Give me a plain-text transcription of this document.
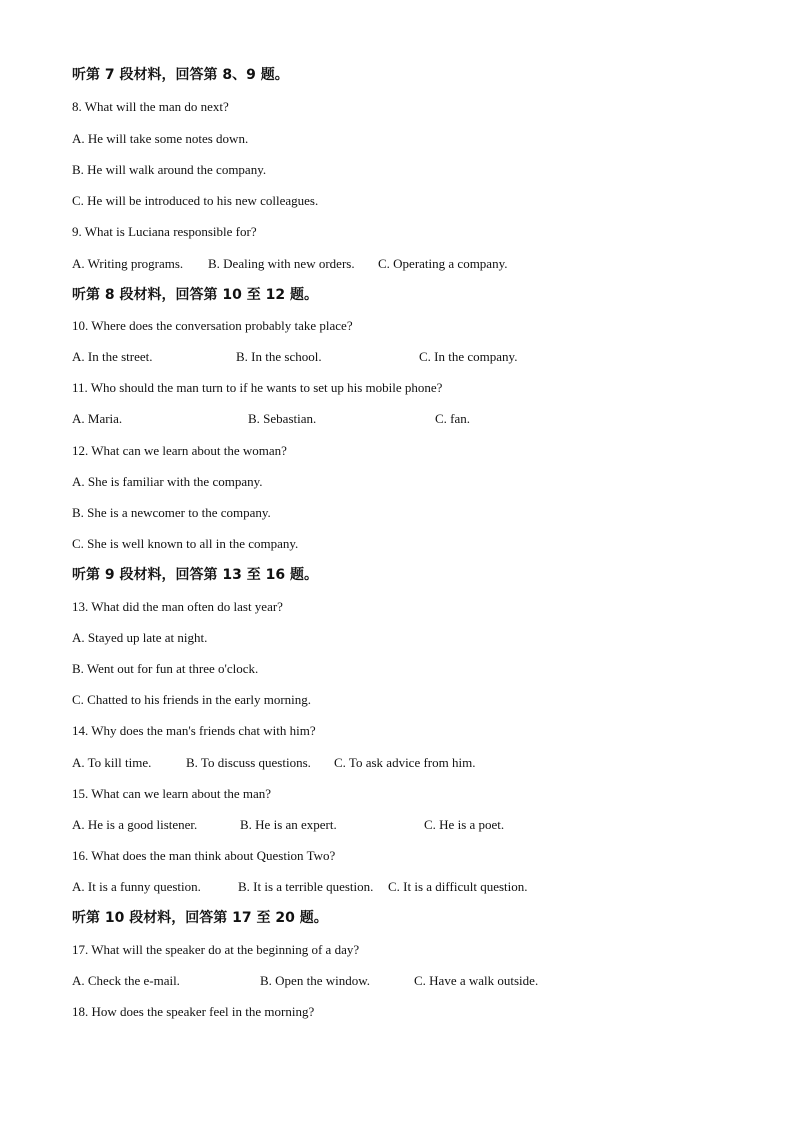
听第 7 段材料，回答第 8、9 题。
8. What will the man do next?
A. He will take some notes down.
B. He will walk around the company.
C. He will be introduced to his new colleagues.
9. What is Luciana responsible for?
A. Writing programs. B. Dealing with new orders. C. Operating a company.
听第 8 段材料，回答第 10 至 12 题。
10. Where does the conversation probably take place?
A. In the street.	B. In the school.	C. In the company.
11. Who should the man turn to if he wants to set up his mobile phone?
A. Maria.	B. Sebastian.	C. fan.
12. What can we learn about the woman?
A. She is familiar with the company.
B. She is a newcomer to the company.
C. She is well known to all in the company.
听第 9 段材料，回答第 13 至 16 题。
13. What did the man often do last year?
A. Stayed up late at night.
B. Went out for fun at three o'clock.
C. Chatted to his friends in the early morning.
14. Why does the man's friends chat with him?
A. To kill time.	B. To discuss questions. C. To ask advice from him.
15. What can we learn about the man?
A. He is a good listener.	B. He is an expert.	C. He is a poet.
16. What does the man think about Question Two?
A. It is a funny question.	B. It is a terrible question. C. It is a difficult question.
听第 10 段材料，回答第 17 至 20 题。
17. What will the speaker do at the beginning of a day?
A. Check the e-mail.	B. Open the window.	C. Have a walk outside.
18. How does the speaker feel in the morning?
